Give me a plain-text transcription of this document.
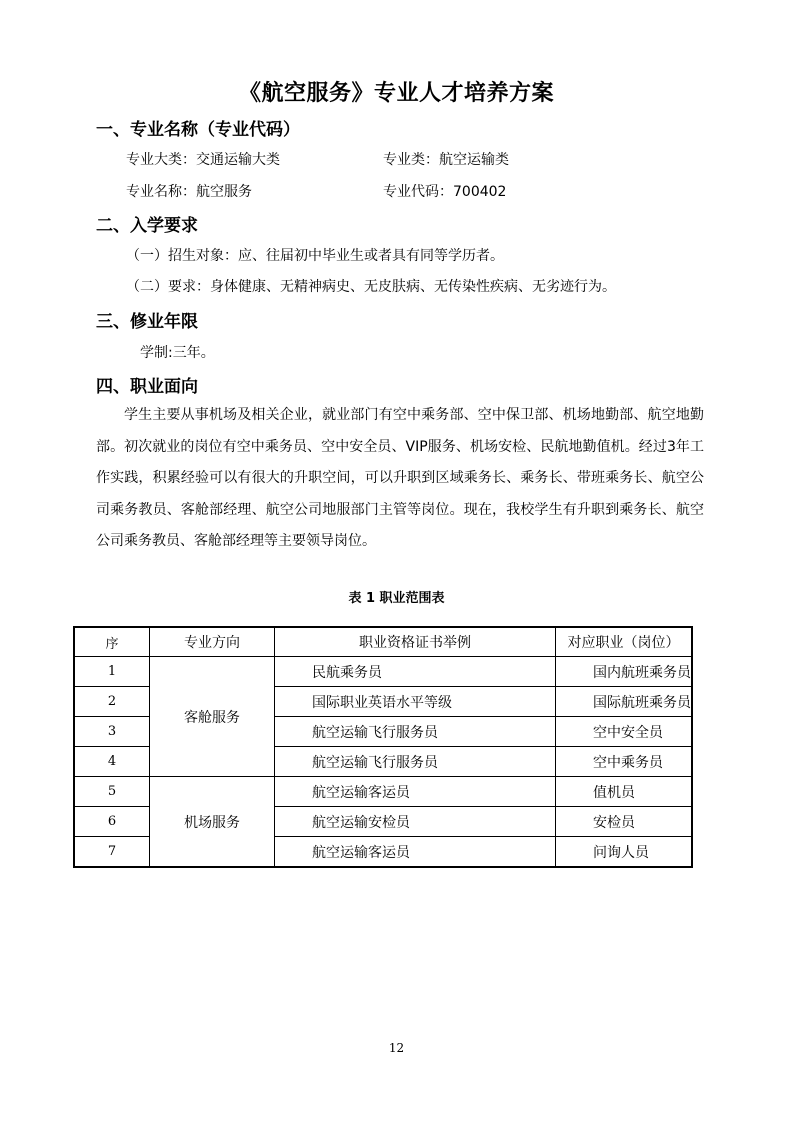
《航空服务》专业人才培养方案
一、专业名称（专业代码）
专业大类：交通运输大类	专业类：航空运输类
专业名称：航空服务	专业代码：700402
二、入学要求
（一）招生对象：应、往届初中毕业生或者具有同等学历者。
（二）要求：身体健康、无精神病史、无皮肤病、无传染性疾病、无劣迹行为。
三、修业年限
学制:三年。
四、职业面向
学生主要从事机场及相关企业，就业部门有空中乘务部、空中保卫部、机场地勤部、航空地勤部。初次就业的岗位有空中乘务员、空中安全员、VIP服务、机场安检、民航地勤值机。经过3年工作实践，积累经验可以有很大的升职空间，可以升职到区域乘务长、乘务长、带班乘务长、航空公司乘务教员、客舱部经理、航空公司地服部门主管等岗位。现在，我校学生有升职到乘务长、航空公司乘务教员、客舱部经理等主要领导岗位。
表 1 职业范围表
序	专业方向	职业资格证书举例	对应职业（岗位）
1	客舱服务	民航乘务员	国内航班乘务员
2		国际职业英语水平等级	国际航班乘务员
3		航空运输飞行服务员	空中安全员
4		航空运输飞行服务员	空中乘务员
5	机场服务	航空运输客运员	值机员
6		航空运输安检员	安检员
7		航空运输客运员	问询人员
12
